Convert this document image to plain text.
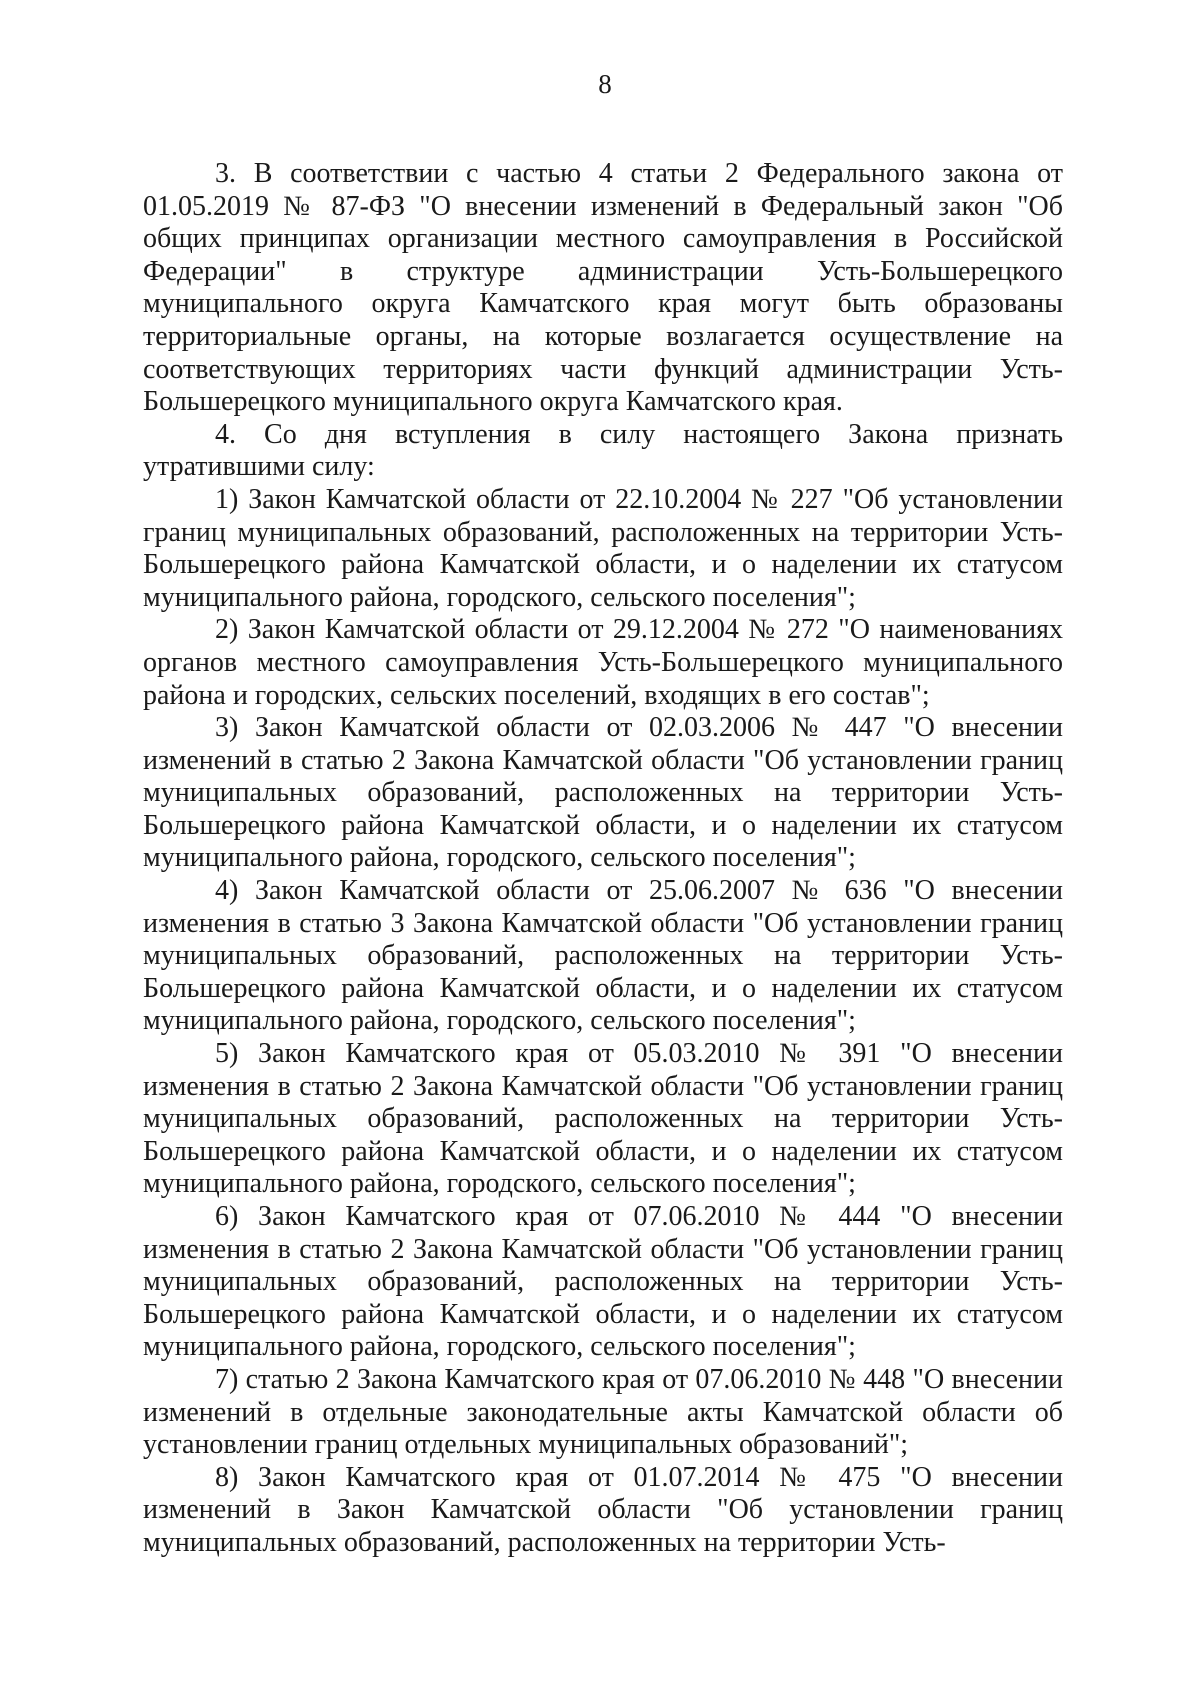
8

3. В соответствии с частью 4 статьи 2 Федерального закона от 01.05.2019 № 87-ФЗ "О внесении изменений в Федеральный закон "Об общих принципах организации местного самоуправления в Российской Федерации" в структуре администрации Усть-Большерецкого муниципального округа Камчатского края могут быть образованы территориальные органы, на которые возлагается осуществление на соответствующих территориях части функций администрации Усть-Большерецкого муниципального округа Камчатского края.

4. Со дня вступления в силу настоящего Закона признать утратившими силу:

1) Закон Камчатской области от 22.10.2004 № 227 "Об установлении границ муниципальных образований, расположенных на территории Усть-Большерецкого района Камчатской области, и о наделении их статусом муниципального района, городского, сельского поселения";

2) Закон Камчатской области от 29.12.2004 № 272 "О наименованиях органов местного самоуправления Усть-Большерецкого муниципального района и городских, сельских поселений, входящих в его состав";

3) Закон Камчатской области от 02.03.2006 № 447 "О внесении изменений в статью 2 Закона Камчатской области "Об установлении границ муниципальных образований, расположенных на территории Усть-Большерецкого района Камчатской области, и о наделении их статусом муниципального района, городского, сельского поселения";

4) Закон Камчатской области от 25.06.2007 № 636 "О внесении изменения в статью 3 Закона Камчатской области "Об установлении границ муниципальных образований, расположенных на территории Усть-Большерецкого района Камчатской области, и о наделении их статусом муниципального района, городского, сельского поселения";

5) Закон Камчатского края от 05.03.2010 № 391 "О внесении изменения в статью 2 Закона Камчатской области "Об установлении границ муниципальных образований, расположенных на территории Усть-Большерецкого района Камчатской области, и о наделении их статусом муниципального района, городского, сельского поселения";

6) Закон Камчатского края от 07.06.2010 № 444 "О внесении изменения в статью 2 Закона Камчатской области "Об установлении границ муниципальных образований, расположенных на территории Усть-Большерецкого района Камчатской области, и о наделении их статусом муниципального района, городского, сельского поселения";

7) статью 2 Закона Камчатского края от 07.06.2010 № 448 "О внесении изменений в отдельные законодательные акты Камчатской области об установлении границ отдельных муниципальных образований";

8) Закон Камчатского края от 01.07.2014 № 475 "О внесении изменений в Закон Камчатской области "Об установлении границ муниципальных образований, расположенных на территории Усть-
